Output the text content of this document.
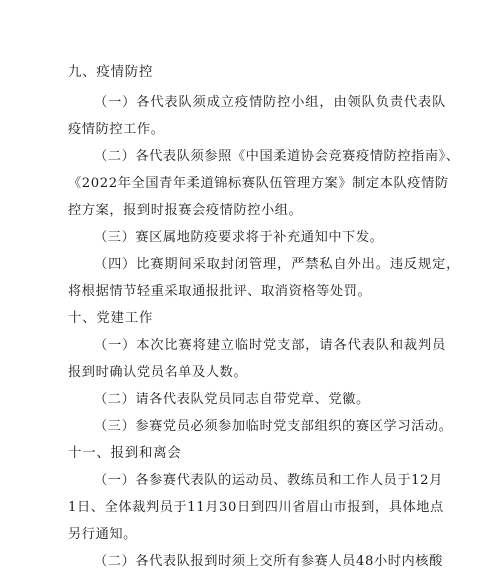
九、疫情防控
（一）各代表队须成立疫情防控小组，由领队负责代表队
疫情防控工作。
（二）各代表队须参照《中国柔道协会竞赛疫情防控指南》、
《2022年全国青年柔道锦标赛队伍管理方案》制定本队疫情防
控方案，报到时报赛会疫情防控小组。
（三）赛区属地防疫要求将于补充通知中下发。
（四）比赛期间采取封闭管理，严禁私自外出。违反规定，
将根据情节轻重采取通报批评、取消资格等处罚。
十、党建工作
（一）本次比赛将建立临时党支部，请各代表队和裁判员
报到时确认党员名单及人数。
（二）请各代表队党员同志自带党章、党徽。
（三）参赛党员必须参加临时党支部组织的赛区学习活动。
十一、报到和离会
（一）各参赛代表队的运动员、教练员和工作人员于12月
1日、全体裁判员于11月30日到四川省眉山市报到，具体地点
另行通知。
（二）各代表队报到时须上交所有参赛人员48小时内核酸
